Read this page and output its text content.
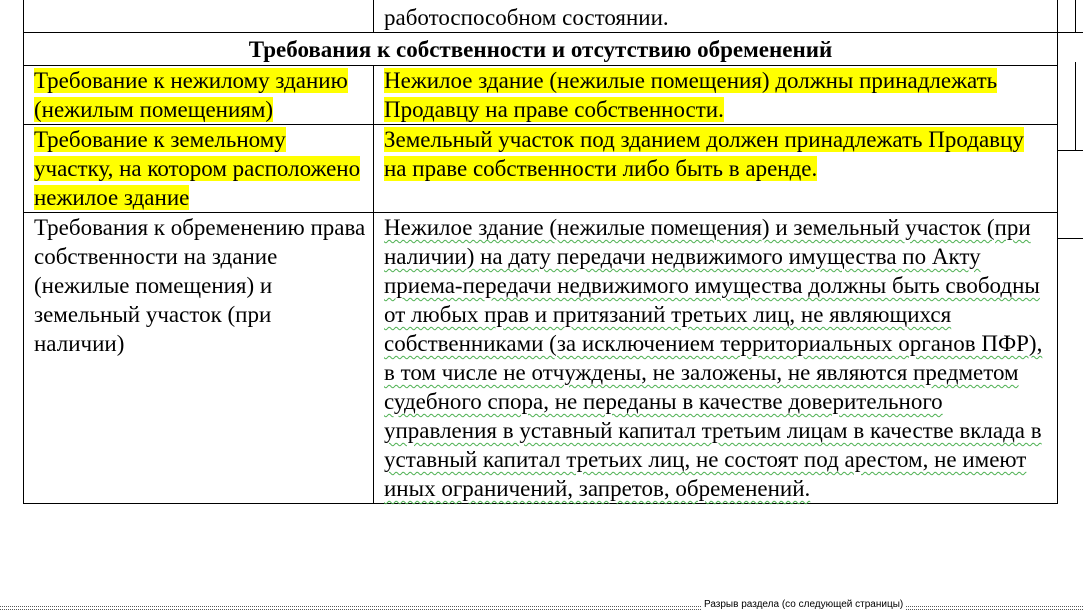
	работоспособном состоянии.
Требования к собственности и отсутствию обременений	
Требование к нежилому зданию (нежилым помещениям)	Нежилое здание (нежилые помещения) должны принадлежать Продавцу на праве собственности.
Требование к земельному участку, на котором расположено нежилое здание	Земельный участок под зданием должен принадлежать Продавцу на праве собственности либо быть в аренде.
Требования к обременению права собственности на здание (нежилые помещения) и земельный участок (при наличии)	Нежилое здание (нежилые помещения) и земельный участок (при наличии) на дату передачи недвижимого имущества по Акту приема-передачи недвижимого имущества должны быть свободны от любых прав и притязаний третьих лиц, не являющихся собственниками (за исключением территориальных органов ПФР), в том числе не отчуждены, не заложены, не являются предметом судебного спора, не переданы в качестве доверительного управления в уставный капитал третьим лицам в качестве вклада в уставный капитал третьих лиц, не состоят под арестом, не имеют иных ограничений, запретов, обременений.
Разрыв раздела (со следующей страницы)
